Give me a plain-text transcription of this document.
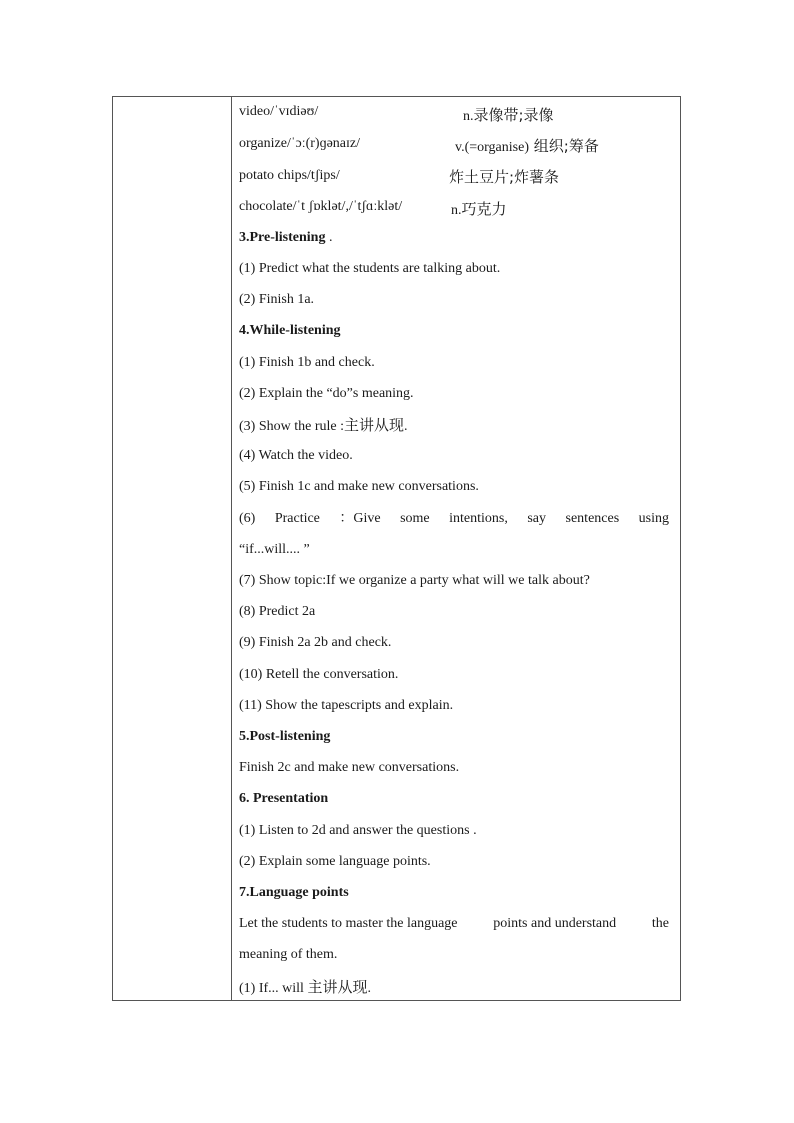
video/ˈvɪdiəʊ/	n.录像带;录像
organize/ˈɔː(r)ɡənaɪz/	v.(=organise) 组织;筹备
potato chips/tʃips/	炸土豆片;炸薯条
chocolate/ˈt ʃɒklət/,/ˈtʃɑːklət/	n.巧克力
3.Pre-listening .
(1) Predict what the students are talking about.
(2) Finish 1a.
4.While-listening
(1) Finish 1b and check.
(2) Explain the “do”s meaning.
(3) Show the rule :主讲从现.
(4) Watch the video.
(5) Finish 1c and make new conversations.
(6) Practice ：Give some intentions, say sentences using
“if...will.... ”
(7) Show topic:If we organize a party what will we talk about?
(8) Predict 2a
(9) Finish 2a 2b and check.
(10) Retell the conversation.
(11) Show the tapescripts and explain.
5.Post-listening
Finish 2c and make new conversations.
6. Presentation
(1) Listen to 2d and answer the questions .
(2) Explain some language points.
7.Language points
Let the students to master the language	points and understand	the
meaning of them.
(1) If... will 主讲从现.
